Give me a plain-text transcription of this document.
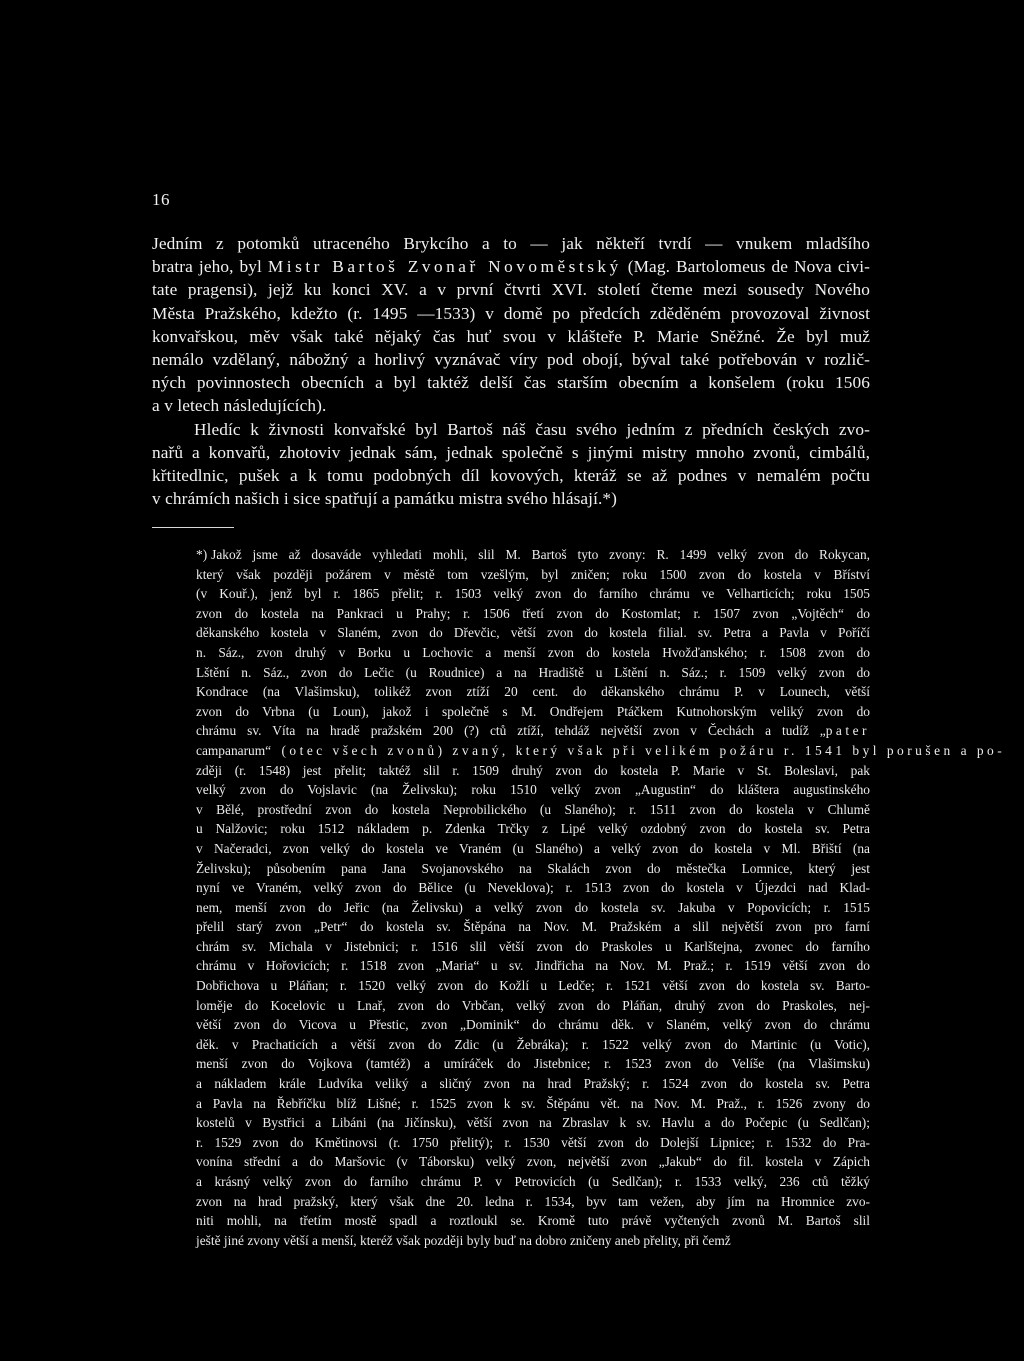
16

Jedním z potomků utraceného Brykcího a to — jak někteří tvrdí — vnukem mladšího
bratra jeho, byl Mistr Bartoš Zvonař Novoměstský (Mag. Bartolomeus de Nova civi-
tate pragensi), jejž ku konci XV. a v první čtvrti XVI. století čteme mezi sousedy Nového
Města Pražského, kdežto (r. 1495 —1533) v domě po předcích zděděném provozoval živnost
konvařskou, měv však také nějaký čas huť svou v klášteře P. Marie Sněžné. Že byl muž
nemálo vzdělaný, nábožný a horlivý vyznávač víry pod obojí, býval také potřebován v rozlič-
ných povinnostech obecních a byl taktéž delší čas starším obecním a konšelem (roku 1506
a v letech následujících).

Hledíc k živnosti konvařské byl Bartoš náš času svého jedním z předních českých zvo-
nařů a konvařů, zhotoviv jednak sám, jednak společně s jinými mistry mnoho zvonů, cimbálů,
křtitedlnic, pušek a k tomu podobných díl kovových, kteráž se až podnes v nemalém počtu
v chrámích našich i sice spatřují a památku mistra svého hlásají.*)

*) Jakož jsme až dosaváde vyhledati mohli, slil M. Bartoš tyto zvony: R. 1499 velký zvon do Rokycan,
který však později požárem v městě tom vzešlým, byl zničen; roku 1500 zvon do kostela v Bříství
(v Kouř.), jenž byl r. 1865 přelit; r. 1503 velký zvon do farního chrámu ve Velharticích; roku 1505
zvon do kostela na Pankraci u Prahy; r. 1506 třetí zvon do Kostomlat; r. 1507 zvon „Vojtěch“ do
děkanského kostela v Slaném, zvon do Dřevčic, větší zvon do kostela filial. sv. Petra a Pavla v Poříčí
n. Sáz., zvon druhý v Borku u Lochovic a menší zvon do kostela Hvožďanského; r. 1508 zvon do
Lštění n. Sáz., zvon do Lečic (u Roudnice) a na Hradiště u Lštění n. Sáz.; r. 1509 velký zvon do
Kondrace (na Vlašimsku), tolikéž zvon ztíží 20 cent. do děkanského chrámu P. v Lounech, větší
zvon do Vrbna (u Loun), jakož i společně s M. Ondřejem Ptáčkem Kutnohorským veliký zvon do
chrámu sv. Víta na hradě pražském 200 (?) ctů ztíží, tehdáž největší zvon v Čechách a tudíž „pater
campanarum“ (otec všech zvonů) zvaný, který však při velikém požáru r. 1541 byl porušen a po-
zději (r. 1548) jest přelit; taktéž slil r. 1509 druhý zvon do kostela P. Marie v St. Boleslavi, pak
velký zvon do Vojslavic (na Želivsku); roku 1510 velký zvon „Augustin“ do kláštera augustinského
v Bělé, prostřední zvon do kostela Neprobilického (u Slaného); r. 1511 zvon do kostela v Chlumě
u Nalžovic; roku 1512 nákladem p. Zdenka Trčky z Lipé velký ozdobný zvon do kostela sv. Petra
v Načeradci, zvon velký do kostela ve Vraném (u Slaného) a velký zvon do kostela v Ml. Břiští (na
Želivsku); působením pana Jana Svojanovského na Skalách zvon do městečka Lomnice, který jest
nyní ve Vraném, velký zvon do Bělice (u Neveklova); r. 1513 zvon do kostela v Újezdci nad Klad-
nem, menší zvon do Jeřic (na Želivsku) a velký zvon do kostela sv. Jakuba v Popovicích; r. 1515
přelil starý zvon „Petr“ do kostela sv. Štěpána na Nov. M. Pražském a slil největší zvon pro farní
chrám sv. Michala v Jistebnici; r. 1516 slil větší zvon do Praskoles u Karlštejna, zvonec do farního
chrámu v Hořovicích; r. 1518 zvon „Maria“ u sv. Jindřicha na Nov. M. Praž.; r. 1519 větší zvon do
Dobřichova u Pláňan; r. 1520 velký zvon do Kožlí u Ledče; r. 1521 větší zvon do kostela sv. Barto-
loměje do Kocelovic u Lnař, zvon do Vrbčan, velký zvon do Pláňan, druhý zvon do Praskoles, nej-
větší zvon do Vicova u Přestic, zvon „Dominik“ do chrámu děk. v Slaném, velký zvon do chrámu
děk. v Prachaticích a větší zvon do Zdic (u Žebráka); r. 1522 velký zvon do Martinic (u Votic),
menší zvon do Vojkova (tamtéž) a umíráček do Jistebnice; r. 1523 zvon do Velíše (na Vlašimsku)
a nákladem krále Ludvíka veliký a sličný zvon na hrad Pražský; r. 1524 zvon do kostela sv. Petra
a Pavla na Řebříčku blíž Lišné; r. 1525 zvon k sv. Štěpánu vět. na Nov. M. Praž., r. 1526 zvony do
kostelů v Bystřici a Libáni (na Jičínsku), větší zvon na Zbraslav k sv. Havlu a do Počepic (u Sedlčan);
r. 1529 zvon do Kmětinovsi (r. 1750 přelitý); r. 1530 větší zvon do Dolejší Lipnice; r. 1532 do Pra-
vonína střední a do Maršovic (v Táborsku) velký zvon, největší zvon „Jakub“ do fil. kostela v Zápich
a krásný velký zvon do farního chrámu P. v Petrovicích (u Sedlčan); r. 1533 velký, 236 ctů těžký
zvon na hrad pražský, který však dne 20. ledna r. 1534, byv tam vežen, aby jím na Hromnice zvo-
niti mohli, na třetím mostě spadl a roztloukl se. Kromě tuto právě vyčtených zvonů M. Bartoš slil
ještě jiné zvony větší a menší, kteréž však později byly buď na dobro zničeny aneb přelity, při čemž
